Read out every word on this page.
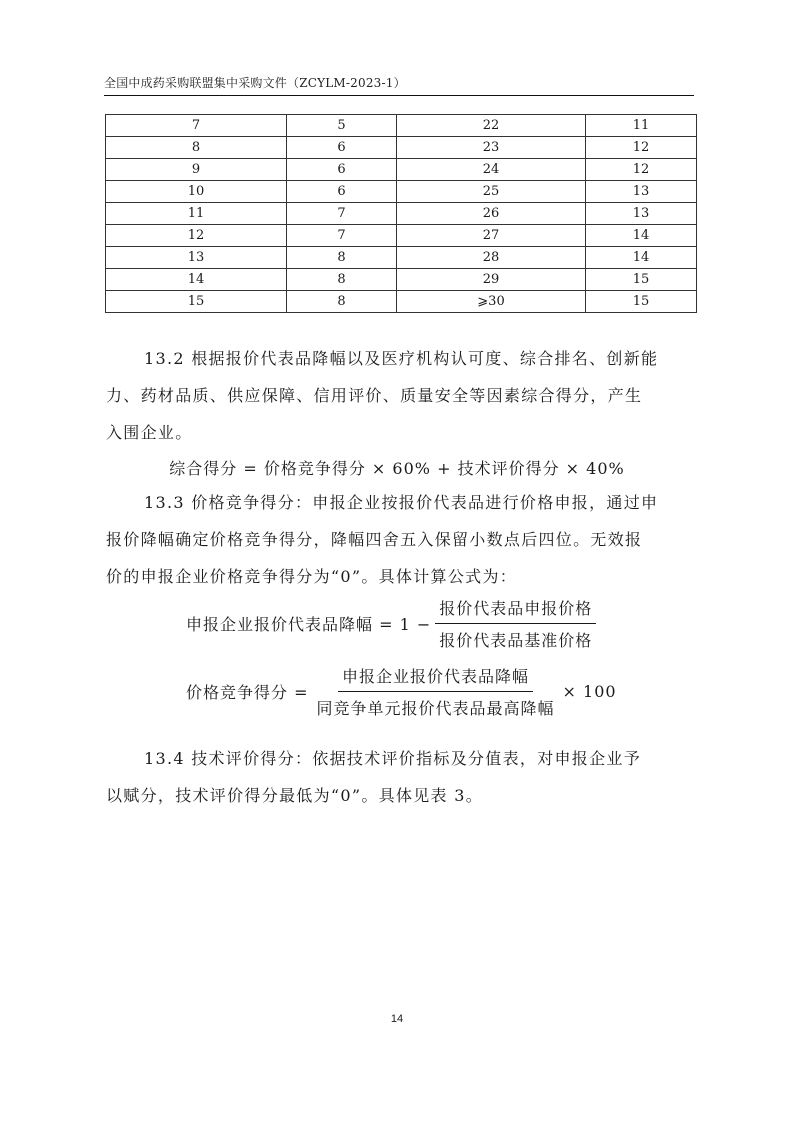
全国中成药采购联盟集中采购文件（ZCYLM-2023-1）
7	5	22	11
8	6	23	12
9	6	24	12
10	6	25	13
11	7	26	13
12	7	27	14
13	8	28	14
14	8	29	15
15	8	⩾30	15

13.2 根据报价代表品降幅以及医疗机构认可度、综合排名、创新能
力、药材品质、供应保障、信用评价、质量安全等因素综合得分，产生
入围企业。

综合得分 = 价格竞争得分 × 60% + 技术评价得分 × 40%

13.3 价格竞争得分：申报企业按报价代表品进行价格申报，通过申
报价降幅确定价格竞争得分，降幅四舍五入保留小数点后四位。无效报
价的申报企业价格竞争得分为“0”。具体计算公式为：

申报企业报价代表品降幅 = $1 - \frac{\text{报价代表品申报价格}}{\text{报价代表品基准价格}}$
价格竞争得分 = $\frac{\text{申报企业报价代表品降幅}}{\text{同竞争单元报价代表品最高降幅}} \times 100$

13.4 技术评价得分：依据技术评价指标及分值表，对申报企业予
以赋分，技术评价得分最低为“0”。具体见表 3。

14
